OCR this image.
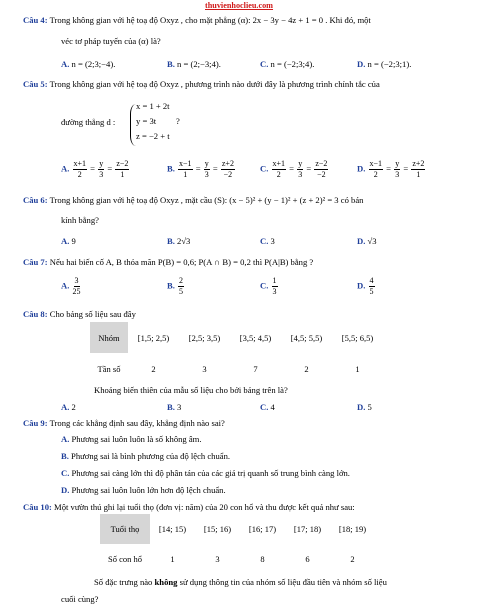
thuvienhoclieu.com
Câu 4: Trong không gian với hệ toạ độ Oxyz , cho mặt phẳng (α): 2x − 3y − 4z + 1 = 0 . Khi đó, một
véc tơ pháp tuyến của (α) là?
A. n = (2;3;−4).	B. n = (2;−3;4).	C. n = (−2;3;4).	D. n = (−2;3;1).
Câu 5: Trong không gian với hệ toạ độ Oxyz , phương trình nào dưới đây là phương trình chính tắc của
đường thẳng d :
x = 1 + 2t
y = 3t
z = −2 + t
?
A. $\frac{x+1}{2} = \frac{y}{3} = \frac{z-2}{1}$	B. $\frac{x-1}{1} = \frac{y}{3} = \frac{z+2}{-2}$	C. $\frac{x+1}{2} = \frac{y}{3} = \frac{z-2}{-2}$	D. $\frac{x-1}{2} = \frac{y}{3} = \frac{z+2}{1}$
Câu 6: Trong không gian với hệ toạ độ Oxyz , mặt cầu (S): (x − 5)² + (y − 1)² + (z + 2)² = 3 có bán
kính bằng?
A. 9	B. 2√3	C. 3	D. √3
Câu 7: Nếu hai biến cố A, B thỏa mãn P(B) = 0,6; P(A ∩ B) = 0,2 thì P(A|B) bằng ?
A. $\frac{3}{25}$	B. $\frac{2}{5}$	C. $\frac{1}{3}$	D. $\frac{4}{5}$
Câu 8: Cho bảng số liệu sau đây
Nhóm	[1,5; 2,5)	[2,5; 3,5)	[3,5; 4,5)	[4,5; 5,5)	[5,5; 6,5)
Tần số	2	3	7	2	1
Khoảng biến thiên của mẫu số liệu cho bởi bảng trên là?
A. 2	B. 3	C. 4	D. 5
Câu 9: Trong các khẳng định sau đây, khẳng định nào sai?
A. Phương sai luôn luôn là số không âm.
B. Phương sai là bình phương của độ lệch chuẩn.
C. Phương sai càng lớn thì độ phân tán của các giá trị quanh số trung bình càng lớn.
D. Phương sai luôn luôn lớn hơn độ lệch chuẩn.
Câu 10: Một vườn thú ghi lại tuổi thọ (đơn vị: năm) của 20 con hổ và thu được kết quả như sau:
Tuổi thọ	[14; 15)	[15; 16)	[16; 17)	[17; 18)	[18; 19)
Số con hổ	1	3	8	6	2
Số đặc trưng nào không sử dụng thông tin của nhóm số liệu đầu tiên và nhóm số liệu
cuối cùng?
